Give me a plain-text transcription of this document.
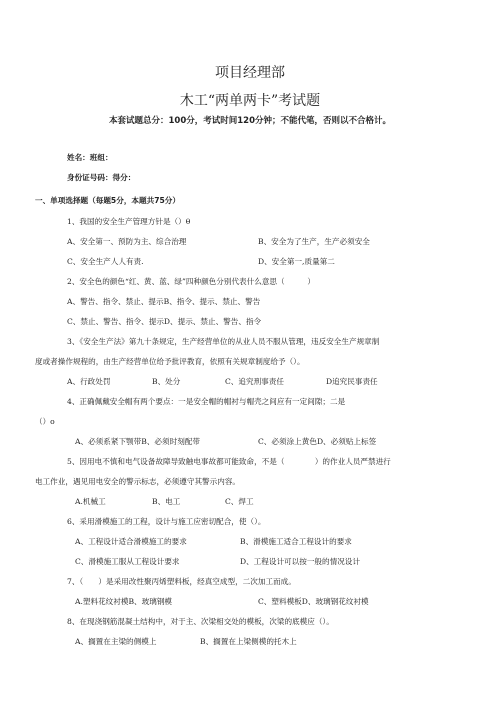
项目经理部
木工“两单两卡”考试题
本套试题总分：100分，考试时间120分钟；不能代笔，否则以不合格计。
姓名：班组：
身份证号码：得分：
一、单项选择题（每题5分，本题共75分）
1、我国的安全生产管理方针是（）θ
A、安全第一、预防为主、综合治理	B、安全为了生产，生产必须安全
C、安全生产人人有责.	D、安全第一,质量第二
2、安全色的颜色“红、黄、蓝、绿”四种颜色分别代表什么意思（　　　）
A、警告、指令、禁止、提示B、指令、提示、禁止、警告
C、禁止、警告、指令、提示D、提示、禁止、警告、指令
3、《安全生产法》第九十条规定，生产经营单位的从业人员不服从管理，违反安全生产规章制
度或者操作规程的，由生产经营单位给予批评教育，依照有关规章制度给予（）。
A、行政处罚	B、处分	C、追究刑事责任	D追究民事责任
4、正确佩戴安全帽有两个要点：一是安全帽的帽衬与帽壳之间应有一定间隙；二是
（）o
A、必须系紧下颚带B、必须时刻配带	C、必须涂上黄色D、必须贴上标签
5、因用电不慎和电气设备故障导致触电事故都可能致命，不是（　　　　）的作业人员严禁进行
电工作业，遇见用电安全的警示标志，必须遵守其警示内容。
A.机械工	B、电工	C、焊工
6、采用滑模施工的工程，设计与施工应密切配合，使（）。
A、工程设计适合滑模施工的要求	B、滑模施工适合工程设计的要求
C、滑模施工服从工程设计要求	D、工程设计可以按一般的情况设计
7、（　　）是采用改性聚丙烯塑料板，经真空成型，二次加工而成。
A.塑料花纹衬模B、玻璃钢模	C、塑料模板D、玻璃钢花纹衬模
8、在现浇钢筋混凝土结构中，对于主、次梁相交处的模板，次梁的底模应（）。
A、搁置在主梁的侧模上	B、搁置在上梁侧模的托木上
